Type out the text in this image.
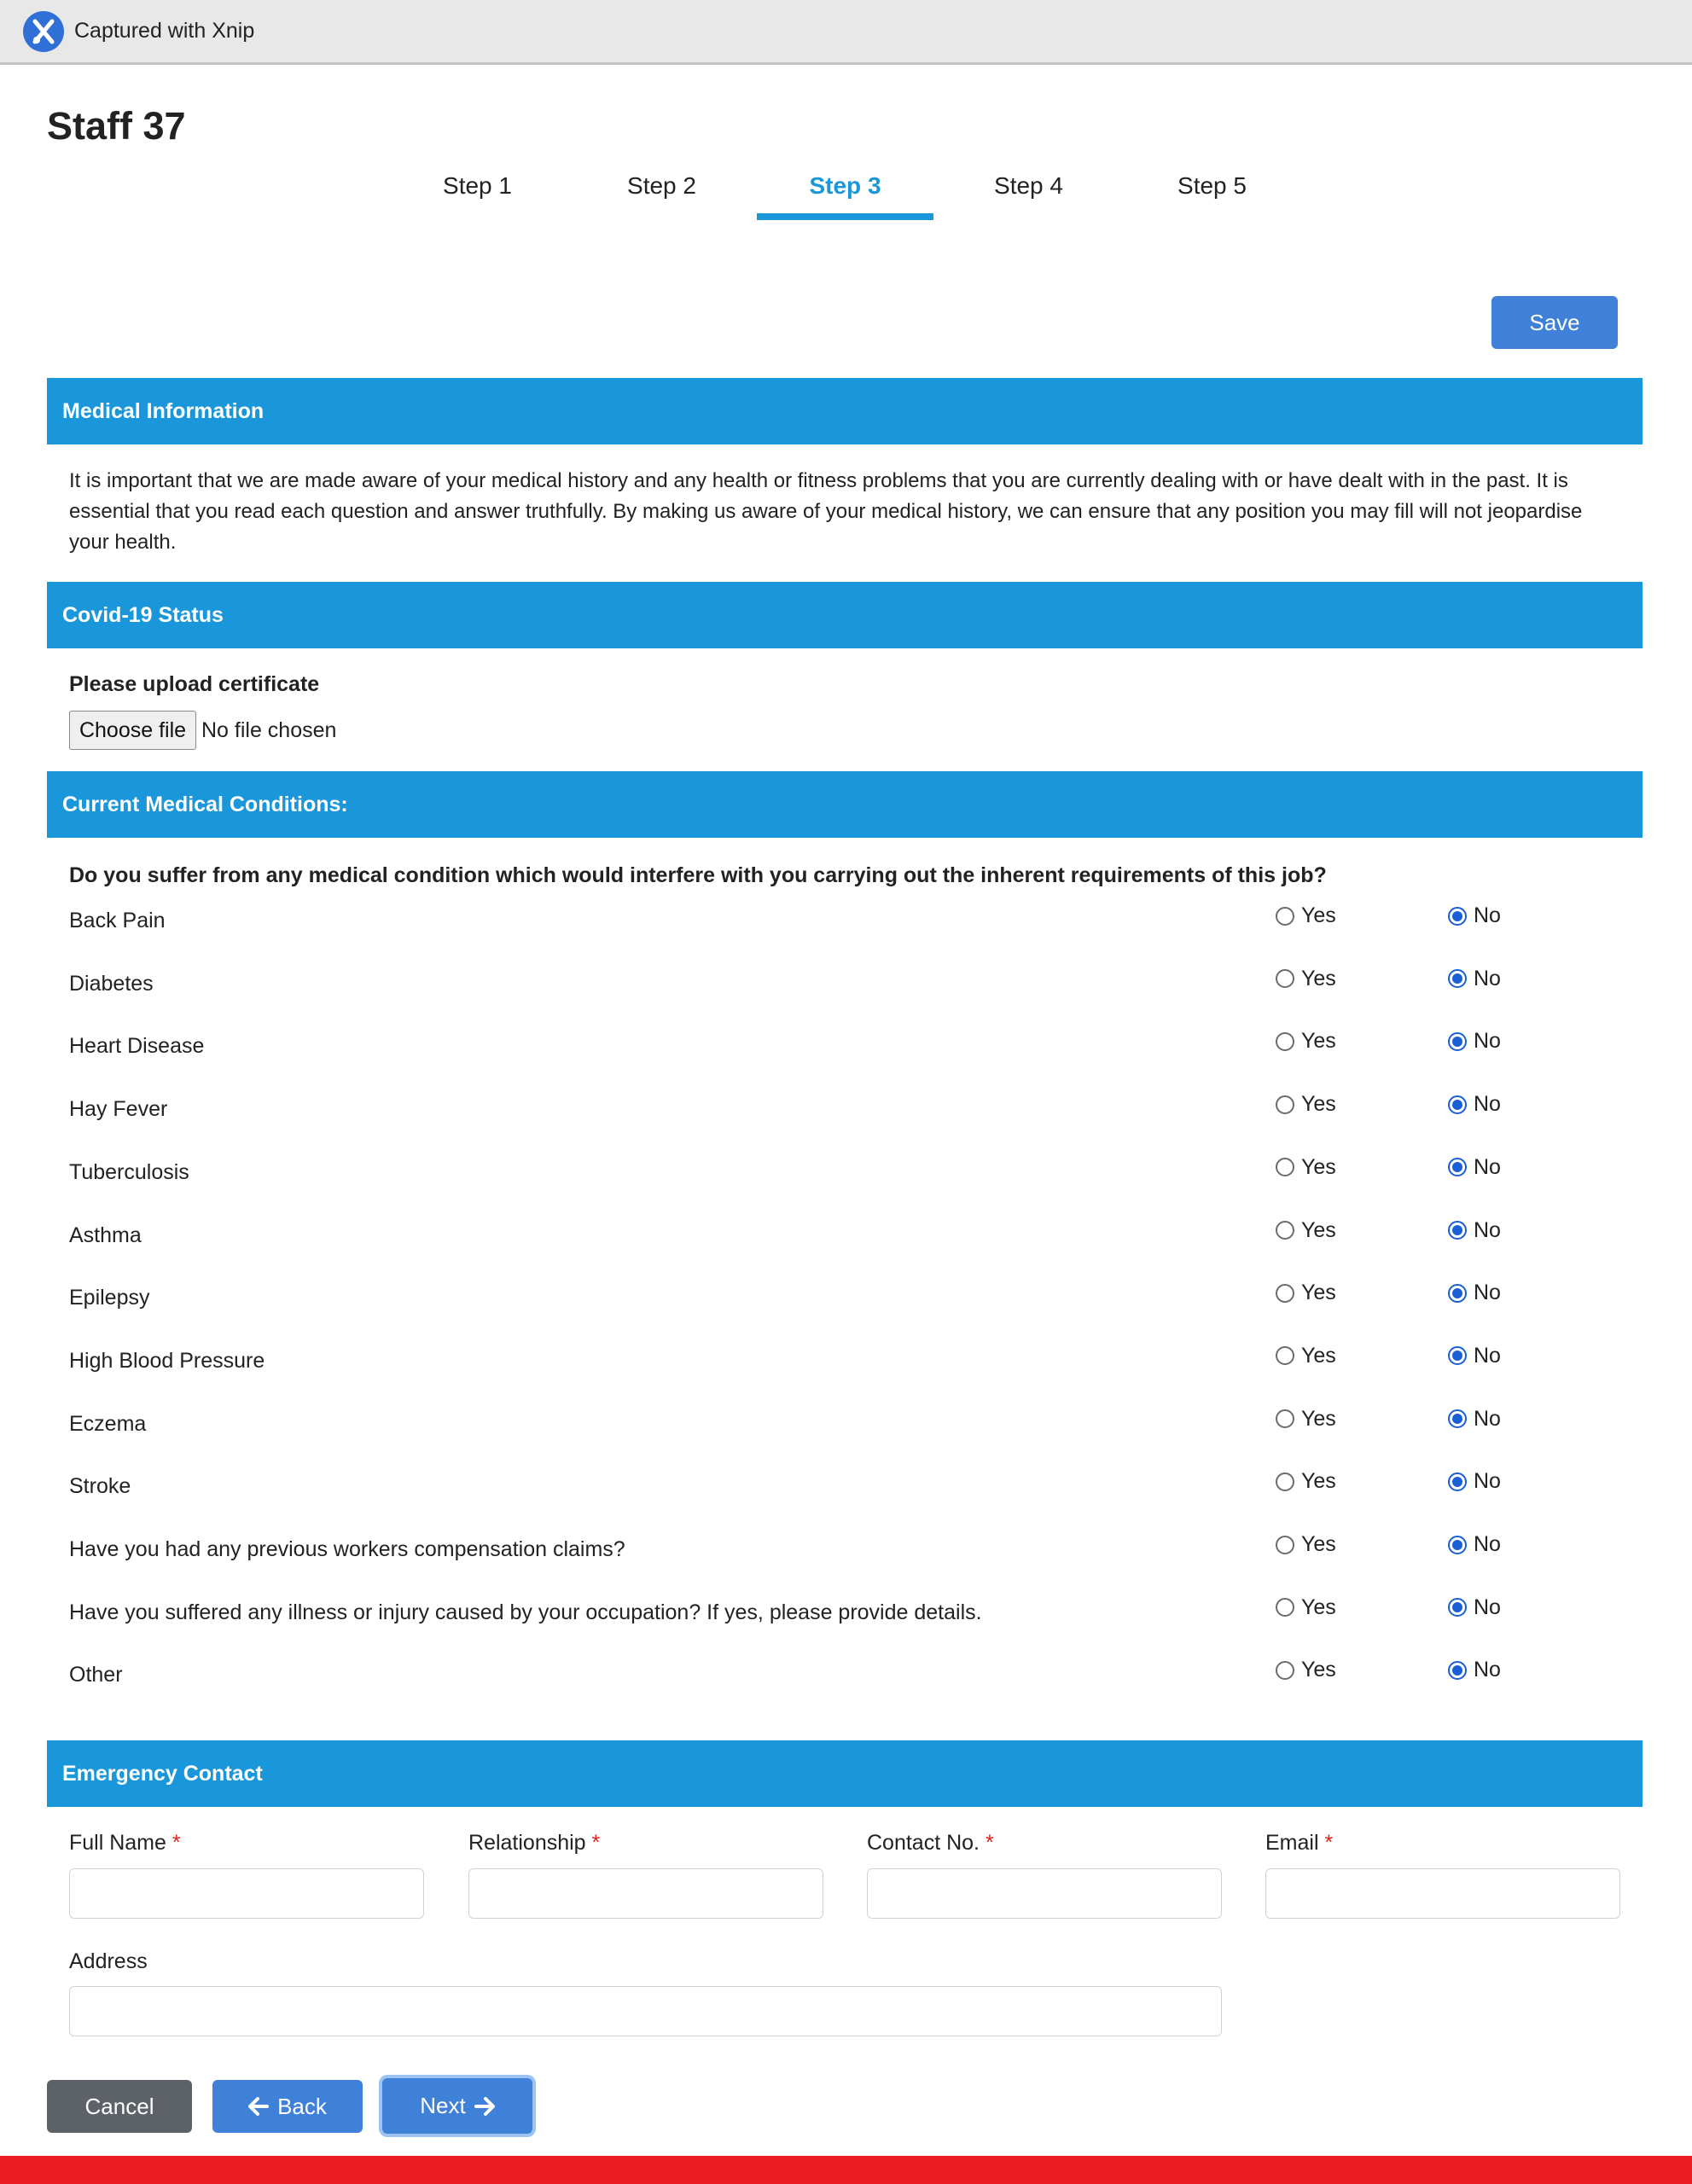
Captured with Xnip
Staff 37
Step 1	Step 2	Step 3	Step 4	Step 5
Save
Medical Information

It is important that we are made aware of your medical history and any health or fitness problems that you are currently dealing with or have dealt with in the past. It is essential that you read each question and answer truthfully. By making us aware of your medical history, we can ensure that any position you may fill will not jeopardise your health.

Covid-19 Status
Please upload certificate
Choose file No file chosen
Current Medical Conditions:
Do you suffer from any medical condition which would interfere with you carrying out the inherent requirements of this job?
Back Pain	Yes	No
Diabetes	Yes	No
Heart Disease	Yes	No
Hay Fever	Yes	No
Tuberculosis	Yes	No
Asthma	Yes	No
Epilepsy	Yes	No
High Blood Pressure	Yes	No
Eczema	Yes	No
Stroke	Yes	No
Have you had any previous workers compensation claims?	Yes	No
Have you suffered any illness or injury caused by your occupation? If yes, please provide details.	Yes	No
Other	Yes	No
Emergency Contact
Full Name *	Relationship *	Contact No. *	Email *
Address
Cancel	Back	Next
